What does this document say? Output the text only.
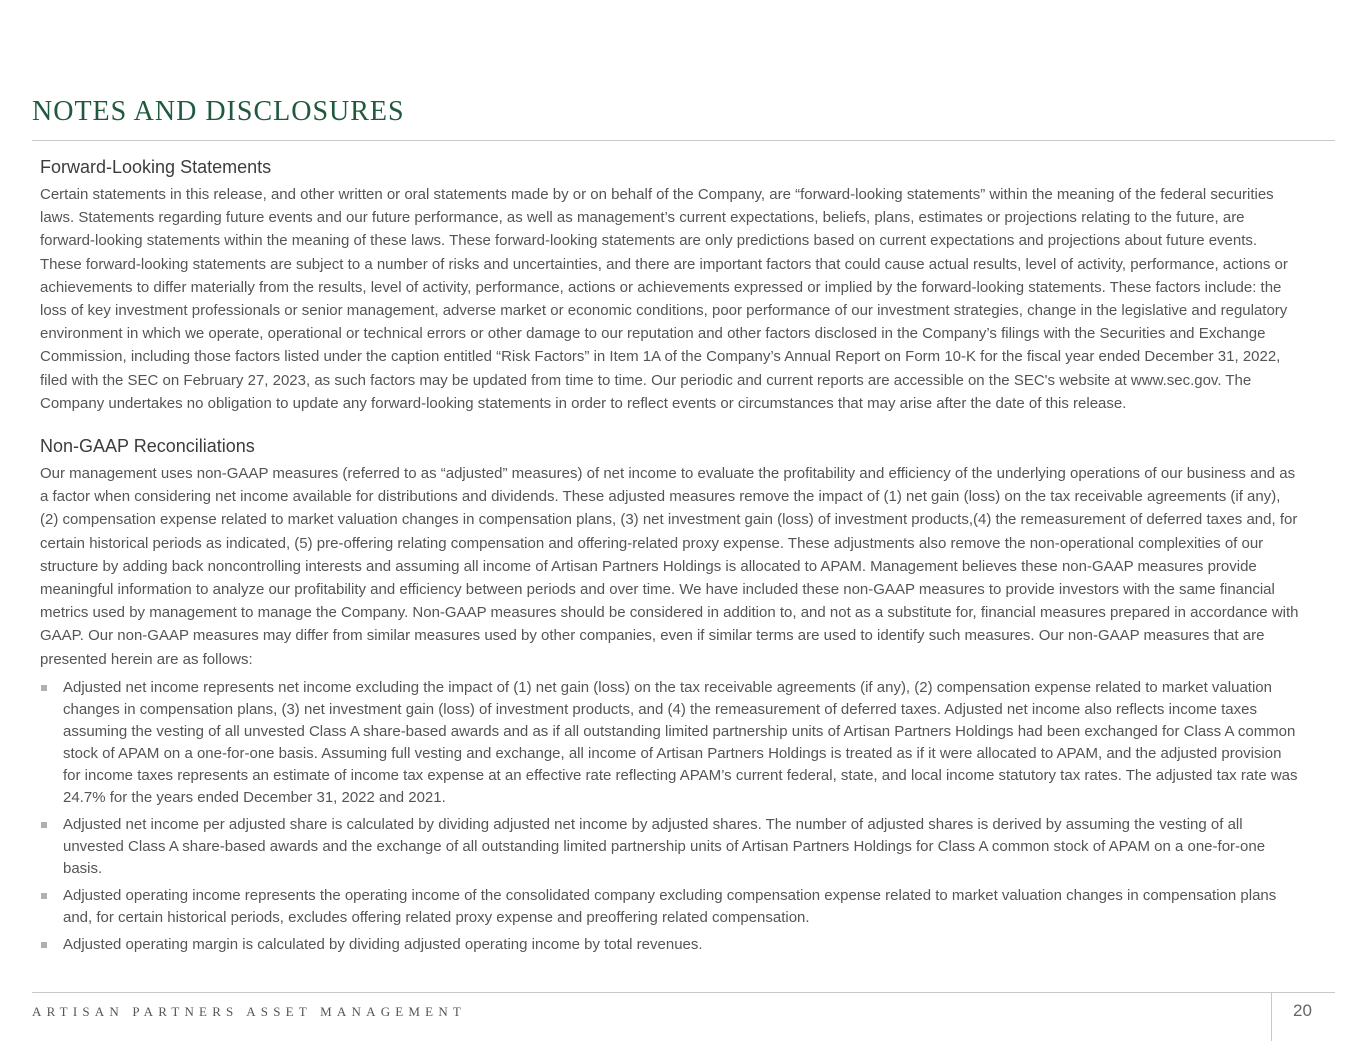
NOTES AND DISCLOSURES
Forward-Looking Statements

Certain statements in this release, and other written or oral statements made by or on behalf of the Company, are “forward-looking statements” within the meaning of the federal securities laws. Statements regarding future events and our future performance, as well as management’s current expectations, beliefs, plans, estimates or projections relating to the future, are forward-looking statements within the meaning of these laws. These forward-looking statements are only predictions based on current expectations and projections about future events. These forward-looking statements are subject to a number of risks and uncertainties, and there are important factors that could cause actual results, level of activity, performance, actions or achievements to differ materially from the results, level of activity, performance, actions or achievements expressed or implied by the forward-looking statements. These factors include: the loss of key investment professionals or senior management, adverse market or economic conditions, poor performance of our investment strategies, change in the legislative and regulatory environment in which we operate, operational or technical errors or other damage to our reputation and other factors disclosed in the Company’s filings with the Securities and Exchange Commission, including those factors listed under the caption entitled “Risk Factors” in Item 1A of the Company’s Annual Report on Form 10-K for the fiscal year ended December 31, 2022, filed with the SEC on February 27, 2023, as such factors may be updated from time to time. Our periodic and current reports are accessible on the SEC's website at www.sec.gov. The Company undertakes no obligation to update any forward-looking statements in order to reflect events or circumstances that may arise after the date of this release.

Non-GAAP Reconciliations

Our management uses non-GAAP measures (referred to as “adjusted” measures) of net income to evaluate the profitability and efficiency of the underlying operations of our business and as a factor when considering net income available for distributions and dividends. These adjusted measures remove the impact of (1) net gain (loss) on the tax receivable agreements (if any), (2) compensation expense related to market valuation changes in compensation plans, (3) net investment gain (loss) of investment products,(4) the remeasurement of deferred taxes and, for certain historical periods as indicated, (5) pre-offering relating compensation and offering-related proxy expense. These adjustments also remove the non-operational complexities of our structure by adding back noncontrolling interests and assuming all income of Artisan Partners Holdings is allocated to APAM. Management believes these non-GAAP measures provide meaningful information to analyze our profitability and efficiency between periods and over time. We have included these non-GAAP measures to provide investors with the same financial metrics used by management to manage the Company. Non-GAAP measures should be considered in addition to, and not as a substitute for, financial measures prepared in accordance with GAAP. Our non-GAAP measures may differ from similar measures used by other companies, even if similar terms are used to identify such measures. Our non-GAAP measures that are presented herein are as follows:

Adjusted net income represents net income excluding the impact of (1) net gain (loss) on the tax receivable agreements (if any), (2) compensation expense related to market valuation changes in compensation plans, (3) net investment gain (loss) of investment products, and (4) the remeasurement of deferred taxes. Adjusted net income also reflects income taxes assuming the vesting of all unvested Class A share-based awards and as if all outstanding limited partnership units of Artisan Partners Holdings had been exchanged for Class A common stock of APAM on a one-for-one basis. Assuming full vesting and exchange, all income of Artisan Partners Holdings is treated as if it were allocated to APAM, and the adjusted provision for income taxes represents an estimate of income tax expense at an effective rate reflecting APAM’s current federal, state, and local income statutory tax rates. The adjusted tax rate was 24.7% for the years ended December 31, 2022 and 2021.
Adjusted net income per adjusted share is calculated by dividing adjusted net income by adjusted shares. The number of adjusted shares is derived by assuming the vesting of all unvested Class A share-based awards and the exchange of all outstanding limited partnership units of Artisan Partners Holdings for Class A common stock of APAM on a one-for-one basis.
Adjusted operating income represents the operating income of the consolidated company excluding compensation expense related to market valuation changes in compensation plans and, for certain historical periods, excludes offering related proxy expense and preoffering related compensation.
Adjusted operating margin is calculated by dividing adjusted operating income by total revenues.
ARTISAN PARTNERS ASSET MANAGEMENT	20
